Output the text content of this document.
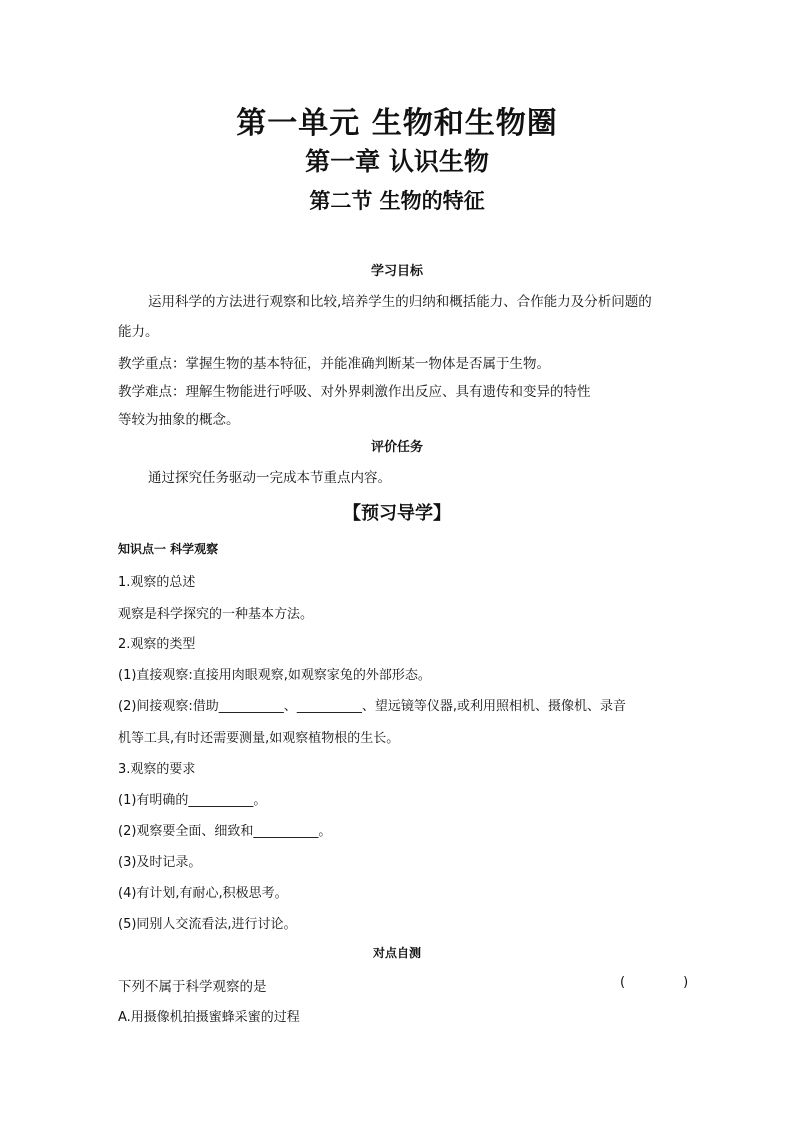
第一单元 生物和生物圈
第一章 认识生物
第二节 生物的特征
学习目标
运用科学的方法进行观察和比较,培养学生的归纳和概括能力、合作能力及分析问题的
能力。
教学重点：掌握生物的基本特征，并能准确判断某一物体是否属于生物。
教学难点：理解生物能进行呼吸、对外界刺激作出反应、具有遗传和变异的特性
等较为抽象的概念。
评价任务
通过探究任务驱动一完成本节重点内容。
【预习导学】
知识点一 科学观察
1.观察的总述
观察是科学探究的一种基本方法。
2.观察的类型
(1)直接观察:直接用肉眼观察,如观察家兔的外部形态。
(2)间接观察:借助__________、__________、望远镜等仪器,或利用照相机、摄像机、录音
机等工具,有时还需要测量,如观察植物根的生长。
3.观察的要求
(1)有明确的__________。
(2)观察要全面、细致和__________。
(3)及时记录。
(4)有计划,有耐心,积极思考。
(5)同别人交流看法,进行讨论。
对点自测
下列不属于科学观察的是	(	)
A.用摄像机拍摄蜜蜂采蜜的过程
